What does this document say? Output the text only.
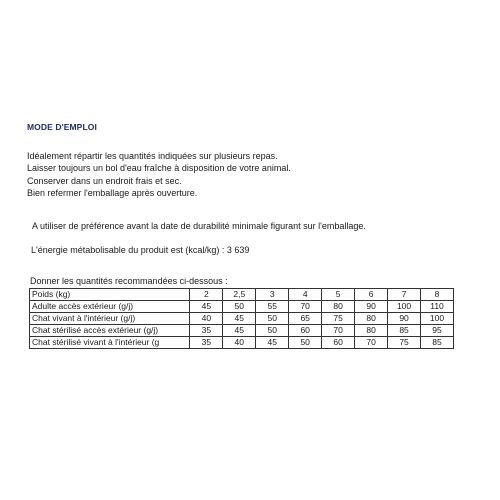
MODE D'EMPLOI
Idéalement répartir les quantités indiquées sur plusieurs repas.
Laisser toujours un bol d'eau fraîche à disposition de votre animal.
Conserver dans un endroit frais et sec.
Bien refermer l'emballage après ouverture.
A utiliser de préférence avant la date de durabilité minimale figurant sur l'emballage.
L'énergie métabolisable du produit est (kcal/kg) : 3 639
Donner les quantités recommandées ci-dessous :
Poids (kg)	2	2,5	3	4	5	6	7	8
Adulte accès extérieur (g/j)	45	50	55	70	80	90	100	110
Chat vivant à l'intérieur (g/j)	40	45	50	65	75	80	90	100
Chat stérilisé accès extérieur (g/j)	35	45	50	60	70	80	85	95
Chat stérilisé vivant à l'intérieur (g	35	40	45	50	60	70	75	85
